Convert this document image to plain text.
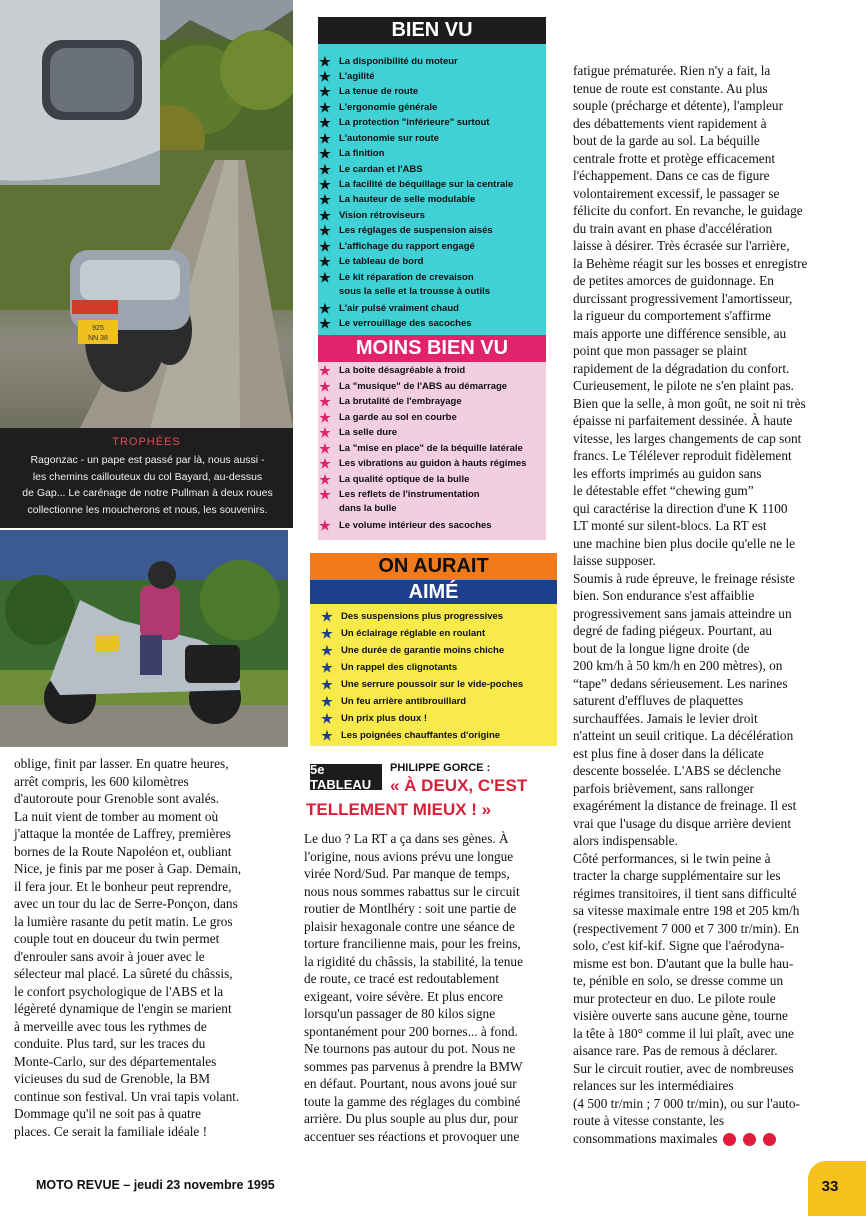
925
NN 38
TROPHÉES
Ragonzac - un pape est passé par là, nous aussi -
les chemins caillouteux du col Bayard, au-dessus
de Gap... Le carénage de notre Pullman à deux roues
collectionne les moucherons et nous, les souvenirs.
BIEN VU
★ La disponibilité du moteur
★ L'agilité
★ La tenue de route
★ L'ergonomie générale
★ La protection "inférieure" surtout
★ L'autonomie sur route
★ La finition
★ Le cardan et l'ABS
★ La facilité de béquillage sur la centrale
★ La hauteur de selle modulable
★ Vision rétroviseurs
★ Les réglages de suspension aisés
★ L'affichage du rapport engagé
★ Le tableau de bord
★ Le kit réparation de crevaison
sous la selle et la trousse à outils
★ L'air pulsé vraiment chaud
★ Le verrouillage des sacoches
MOINS BIEN VU
★ La boîte désagréable à froid
★ La "musique" de l'ABS au démarrage
★ La brutalité de l'embrayage
★ La garde au sol en courbe
★ La selle dure
★ La "mise en place" de la béquille latérale
★ Les vibrations au guidon à hauts régimes
★ La qualité optique de la bulle
★ Les reflets de l'instrumentation
dans la bulle
★ Le volume intérieur des sacoches
ON AURAIT
AIMÉ
★ Des suspensions plus progressives
★ Un éclairage réglable en roulant
★ Une durée de garantie moins chiche
★ Un rappel des clignotants
★ Une serrure poussoir sur le vide-poches
★ Un feu arrière antibrouillard
★ Un prix plus doux !
★ Les poignées chauffantes d'origine
5e TABLEAU
PHILIPPE GORCE :
« À DEUX, C'EST
TELLEMENT MIEUX ! »
oblige, finit par lasser. En quatre heures,
arrêt compris, les 600 kilomètres
d'autoroute pour Grenoble sont avalés.
La nuit vient de tomber au moment où
j'attaque la montée de Laffrey, premières
bornes de la Route Napoléon et, oubliant
Nice, je finis par me poser à Gap. Demain,
il fera jour. Et le bonheur peut reprendre,
avec un tour du lac de Serre-Ponçon, dans
la lumière rasante du petit matin. Le gros
couple tout en douceur du twin permet
d'enrouler sans avoir à jouer avec le
sélecteur mal placé. La sûreté du châssis,
le confort psychologique de l'ABS et la
légèreté dynamique de l'engin se marient
à merveille avec tous les rythmes de
conduite. Plus tard, sur les traces du
Monte-Carlo, sur des départementales
vicieuses du sud de Grenoble, la BM
continue son festival. Un vrai tapis volant.
Dommage qu'il ne soit pas à quatre
places. Ce serait la familiale idéale !
Le duo ? La RT a ça dans ses gènes. À
l'origine, nous avions prévu une longue
virée Nord/Sud. Par manque de temps,
nous nous sommes rabattus sur le circuit
routier de Montlhéry : soit une partie de
plaisir hexagonale contre une séance de
torture francilienne mais, pour les freins,
la rigidité du châssis, la stabilité, la tenue
de route, ce tracé est redoutablement
exigeant, voire sévère. Et plus encore
lorsqu'un passager de 80 kilos signe
spontanément pour 200 bornes... à fond.
Ne tournons pas autour du pot. Nous ne
sommes pas parvenus à prendre la BMW
en défaut. Pourtant, nous avons joué sur
toute la gamme des réglages du combiné
arrière. Du plus souple au plus dur, pour
accentuer ses réactions et provoquer une
fatigue prématurée. Rien n'y a fait, la
tenue de route est constante. Au plus
souple (précharge et détente), l'ampleur
des débattements vient rapidement à
bout de la garde au sol. La béquille
centrale frotte et protège efficacement
l'échappement. Dans ce cas de figure
volontairement excessif, le passager se
félicite du confort. En revanche, le guidage
du train avant en phase d'accélération
laisse à désirer. Très écrasée sur l'arrière,
la Behème réagit sur les bosses et enregistre
de petites amorces de guidonnage. En
durcissant progressivement l'amortisseur,
la rigueur du comportement s'affirme
mais apporte une différence sensible, au
point que mon passager se plaint
rapidement de la dégradation du confort.
Curieusement, le pilote ne s'en plaint pas.
Bien que la selle, à mon goût, ne soit ni très
épaisse ni parfaitement dessinée. À haute
vitesse, les larges changements de cap sont
francs. Le Télélever reproduit fidèlement
les efforts imprimés au guidon sans
le détestable effet “chewing gum”
qui caractérise la direction d'une K 1100
LT monté sur silent-blocs. La RT est
une machine bien plus docile qu'elle ne le
laisse supposer.
Soumis à rude épreuve, le freinage résiste
bien. Son endurance s'est affaiblie
progressivement sans jamais atteindre un
degré de fading piégeux. Pourtant, au
bout de la longue ligne droite (de
200 km/h à 50 km/h en 200 mètres), on
“tape” dedans sérieusement. Les narines
saturent d'effluves de plaquettes
surchauffées. Jamais le levier droit
n'atteint un seuil critique. La décélération
est plus fine à doser dans la délicate
descente bosselée. L'ABS se déclenche
parfois brièvement, sans rallonger
exagérément la distance de freinage. Il est
vrai que l'usage du disque arrière devient
alors indispensable.
Côté performances, si le twin peine à
tracter la charge supplémentaire sur les
régimes transitoires, il tient sans difficulté
sa vitesse maximale entre 198 et 205 km/h
(respectivement 7 000 et 7 300 tr/min). En
solo, c'est kif-kif. Signe que l'aérodyna-
misme est bon. D'autant que la bulle hau-
te, pénible en solo, se dresse comme un
mur protecteur en duo. Le pilote roule
visière ouverte sans aucune gène, tourne
la tête à 180° comme il lui plaît, avec une
aisance rare. Pas de remous à déclarer.
Sur le circuit routier, avec de nombreuses
relances sur les intermédiaires
(4 500 tr/min ; 7 000 tr/min), ou sur l'auto-
route à vitesse constante, les
consommations maximales
MOTO REVUE – jeudi 23 novembre 1995	33
